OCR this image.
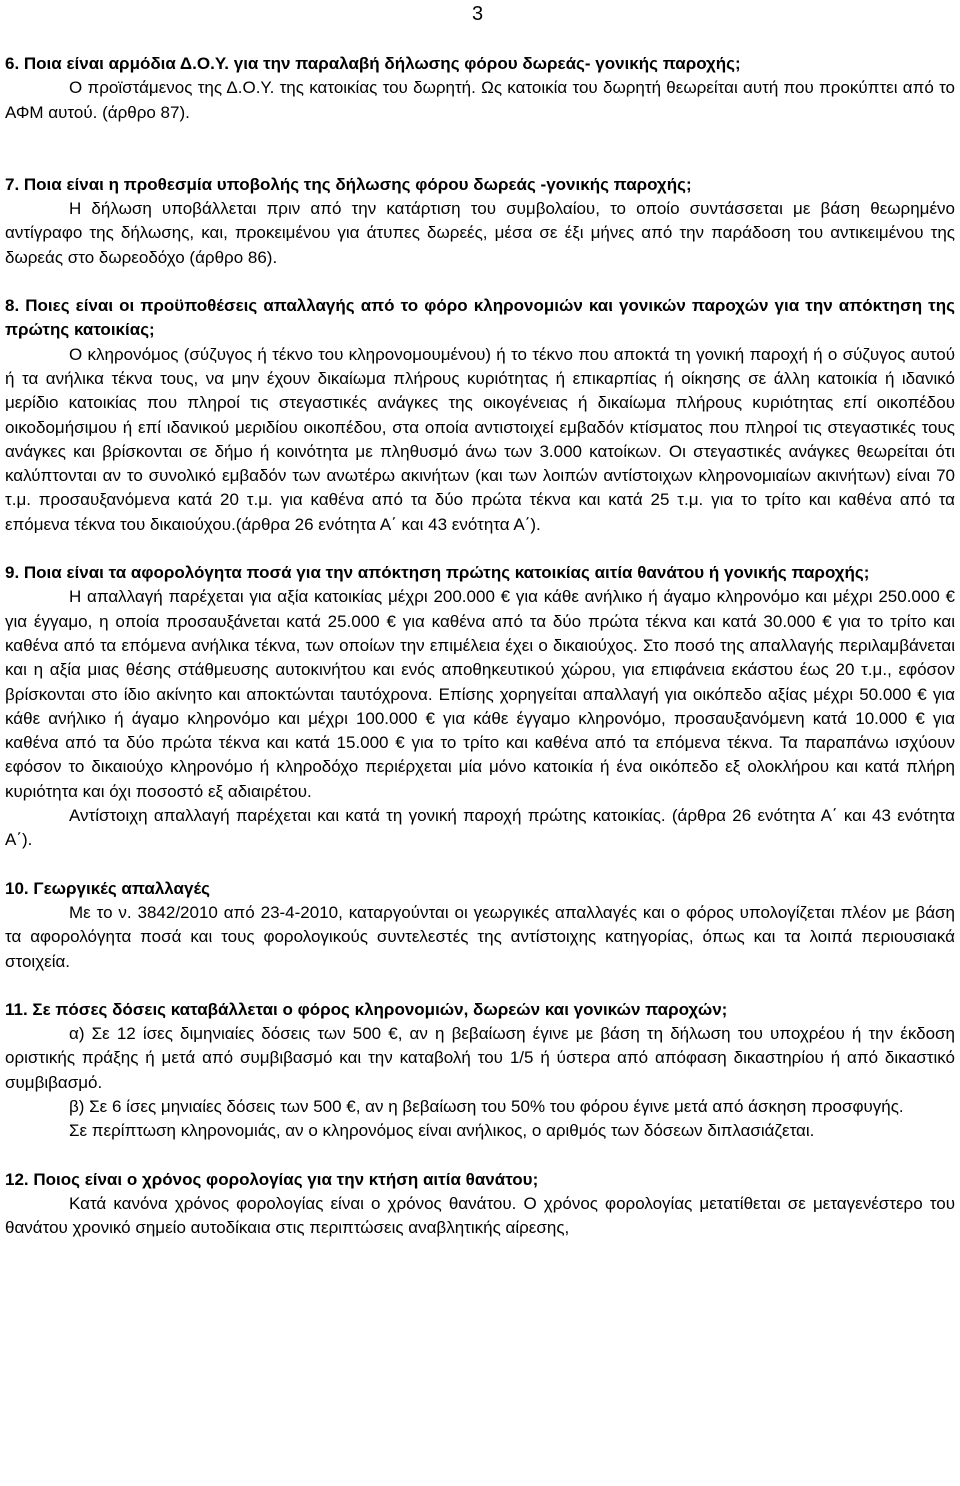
3

6. Ποια είναι αρμόδια Δ.Ο.Υ. για την παραλαβή δήλωσης φόρου δωρεάς- γονικής παροχής;

Ο προϊστάμενος της Δ.Ο.Υ. της κατοικίας του δωρητή. Ως κατοικία του δωρητή θεωρείται αυτή που προκύπτει από το ΑΦΜ αυτού. (άρθρο 87).

7. Ποια είναι η προθεσμία υποβολής της δήλωσης φόρου δωρεάς -γονικής παροχής;

Η δήλωση υποβάλλεται πριν από την κατάρτιση του συμβολαίου, το οποίο συντάσσεται με βάση θεωρημένο αντίγραφο της δήλωσης, και, προκειμένου για άτυπες δωρεές, μέσα σε έξι μήνες από την παράδοση του αντικειμένου της δωρεάς στο δωρεοδόχο (άρθρο 86).

8. Ποιες είναι οι προϋποθέσεις απαλλαγής από το φόρο κληρονομιών και γονικών παροχών για την απόκτηση της πρώτης κατοικίας;

Ο κληρονόμος (σύζυγος ή τέκνο του κληρονομουμένου) ή το τέκνο που αποκτά τη γονική παροχή ή ο σύζυγος αυτού ή τα ανήλικα τέκνα τους, να μην έχουν δικαίωμα πλήρους κυριότητας ή επικαρπίας ή οίκησης σε άλλη κατοικία ή ιδανικό μερίδιο κατοικίας που πληροί τις στεγαστικές ανάγκες της οικογένειας ή δικαίωμα πλήρους κυριότητας επί οικοπέδου οικοδομήσιμου ή επί ιδανικού μεριδίου οικοπέδου, στα οποία αντιστοιχεί εμβαδόν κτίσματος που πληροί τις στεγαστικές τους ανάγκες και βρίσκονται σε δήμο ή κοινότητα με πληθυσμό άνω των 3.000 κατοίκων. Οι στεγαστικές ανάγκες θεωρείται ότι καλύπτονται αν το συνολικό εμβαδόν των ανωτέρω ακινήτων (και των λοιπών αντίστοιχων κληρονομιαίων ακινήτων) είναι 70 τ.μ. προσαυξανόμενα κατά 20 τ.μ. για καθένα από τα δύο πρώτα τέκνα και κατά 25 τ.μ. για το τρίτο και καθένα από τα επόμενα τέκνα του δικαιούχου.(άρθρα 26 ενότητα Α΄ και 43 ενότητα Α΄).

9. Ποια είναι τα αφορολόγητα ποσά για την απόκτηση πρώτης κατοικίας αιτία θανάτου ή γονικής παροχής;

Η απαλλαγή παρέχεται για αξία κατοικίας μέχρι 200.000 € για κάθε ανήλικο ή άγαμο κληρονόμο και μέχρι 250.000 € για έγγαμο, η οποία προσαυξάνεται κατά 25.000 € για καθένα από τα δύο πρώτα τέκνα και κατά 30.000 € για το τρίτο και καθένα από τα επόμενα ανήλικα τέκνα, των οποίων την επιμέλεια έχει ο δικαιούχος. Στο ποσό της απαλλαγής περιλαμβάνεται και η αξία μιας θέσης στάθμευσης αυτοκινήτου και ενός αποθηκευτικού χώρου, για επιφάνεια εκάστου έως 20 τ.μ., εφόσον βρίσκονται στο ίδιο ακίνητο και αποκτώνται ταυτόχρονα. Επίσης χορηγείται απαλλαγή για οικόπεδο αξίας μέχρι 50.000 € για κάθε ανήλικο ή άγαμο κληρονόμο και μέχρι 100.000 € για κάθε έγγαμο κληρονόμο, προσαυξανόμενη κατά 10.000 € για καθένα από τα δύο πρώτα τέκνα και κατά 15.000 € για το τρίτο και καθένα από τα επόμενα τέκνα. Τα παραπάνω ισχύουν εφόσον το δικαιούχο κληρονόμο ή κληροδόχο περιέρχεται μία μόνο κατοικία ή ένα οικόπεδο εξ ολοκλήρου και κατά πλήρη κυριότητα και όχι ποσοστό εξ αδιαιρέτου.

Αντίστοιχη απαλλαγή παρέχεται και κατά τη γονική παροχή πρώτης κατοικίας. (άρθρα 26 ενότητα Α΄ και 43 ενότητα Α΄).

10. Γεωργικές απαλλαγές

Με το ν. 3842/2010 από 23-4-2010, καταργούνται οι γεωργικές απαλλαγές και ο φόρος υπολογίζεται πλέον με βάση τα αφορολόγητα ποσά και τους φορολογικούς συντελεστές της αντίστοιχης κατηγορίας, όπως και τα λοιπά περιουσιακά στοιχεία.

11. Σε πόσες δόσεις καταβάλλεται ο φόρος κληρονομιών, δωρεών και γονικών παροχών;

α) Σε 12 ίσες διμηνιαίες δόσεις των 500 €, αν η βεβαίωση έγινε με βάση τη δήλωση του υποχρέου ή την έκδοση οριστικής πράξης ή μετά από συμβιβασμό και την καταβολή του 1/5 ή ύστερα από απόφαση δικαστηρίου ή από δικαστικό συμβιβασμό.

β) Σε 6 ίσες μηνιαίες δόσεις των 500 €, αν η βεβαίωση του 50% του φόρου έγινε μετά από άσκηση προσφυγής.

Σε περίπτωση κληρονομιάς, αν ο κληρονόμος είναι ανήλικος, ο αριθμός των δόσεων διπλασιάζεται.

12. Ποιος είναι ο χρόνος φορολογίας για την κτήση αιτία θανάτου;

Κατά κανόνα χρόνος φορολογίας είναι ο χρόνος θανάτου. Ο χρόνος φορολογίας μετατίθεται σε μεταγενέστερο του θανάτου χρονικό σημείο αυτοδίκαια στις περιπτώσεις αναβλητικής αίρεσης,
